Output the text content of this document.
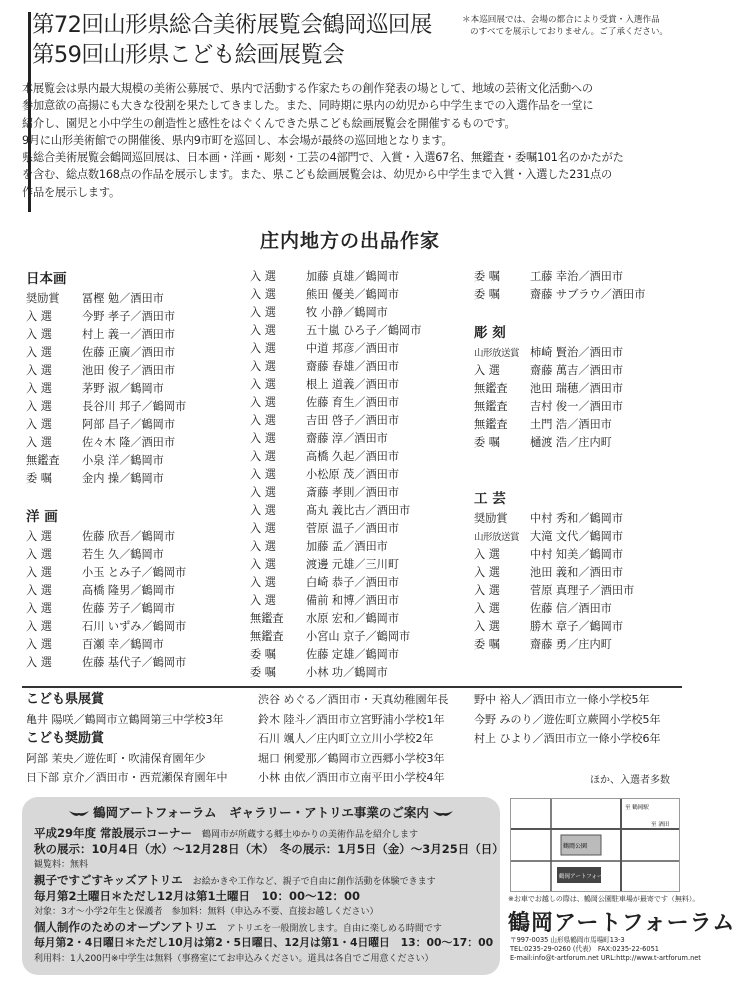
第72回山形県総合美術展覧会鶴岡巡回展
第59回山形県こども絵画展覧会
＊本巡回展では、会場の都合により受賞・入選作品
のすべてを展示しておりません。ご了承ください。

本展覧会は県内最大規模の美術公募展で、県内で活動する作家たちの創作発表の場として、地域の芸術文化活動への

参加意欲の高揚にも大きな役割を果たしてきました。また、同時期に県内の幼児から中学生までの入選作品を一堂に

紹介し、園児と小中学生の創造性と感性をはぐくんできた県こども絵画展覧会を開催するものです。

9月に山形美術館での開催後、県内9市町を巡回し、本会場が最終の巡回地となります。

県総合美術展覧会鶴岡巡回展は、日本画・洋画・彫刻・工芸の4部門で、入賞・入選67名、無鑑査・委嘱101名のかたがた

を含む、総点数168点の作品を展示します。また、県こども絵画展覧会は、幼児から中学生まで入賞・入選した231点の

作品を展示します。

庄内地方の出品作家
日本画
奨励賞 冨樫 勉／酒田市
入 選	今野 孝子／酒田市
入 選	村上 義一／酒田市
入 選	佐藤 正廣／酒田市
入 選	池田 俊子／酒田市
入 選	茅野 淑／鶴岡市
入 選	長谷川 邦子／鶴岡市
入 選	阿部 昌子／鶴岡市
入 選	佐々木 隆／酒田市
無鑑査 小泉 洋／鶴岡市
委 嘱	金内 操／鶴岡市
洋 画
入 選	佐藤 欣吾／鶴岡市
入 選	若生 久／鶴岡市
入 選	小玉 とみ子／鶴岡市
入 選	高橋 隆男／鶴岡市
入 選	佐藤 芳子／鶴岡市
入 選	石川 いずみ／鶴岡市
入 選	百瀬 幸／鶴岡市
入 選	佐藤 基代子／鶴岡市
入 選	加藤 貞雄／鶴岡市
入 選	熊田 優美／鶴岡市
入 選	牧 小静／鶴岡市
入 選	五十嵐 ひろ子／鶴岡市
入 選	中道 邦彦／酒田市
入 選	齋藤 春雄／酒田市
入 選	根上 道義／酒田市
入 選	佐藤 育生／酒田市
入 選	吉田 啓子／酒田市
入 選	齋藤 淳／酒田市
入 選	高橋 久起／酒田市
入 選	小松原 茂／酒田市
入 選	斎藤 孝則／酒田市
入 選	髙丸 義比古／酒田市
入 選	菅原 温子／酒田市
入 選	加藤 孟／酒田市
入 選	渡邊 元雄／三川町
入 選	白崎 恭子／酒田市
入 選	備前 和博／酒田市
無鑑査 水原 宏和／鶴岡市
無鑑査 小宮山 京子／鶴岡市
委 嘱	佐藤 定雄／鶴岡市
委 嘱	小林 功／鶴岡市
委 嘱	工藤 幸治／酒田市
委 嘱	齋藤 サブラウ／酒田市
彫 刻
山形放送賞 柿崎 賢治／酒田市
入 選	齋藤 萬吉／酒田市
無鑑査 池田 瑞穂／酒田市
無鑑査 吉村 俊一／酒田市
無鑑査 土門 浩／酒田市
委 嘱	樋渡 浩／庄内町
工 芸
奨励賞 中村 秀和／鶴岡市
山形放送賞 大滝 文代／鶴岡市
入 選	中村 知美／鶴岡市
入 選	池田 義和／酒田市
入 選	菅原 真理子／酒田市
入 選	佐藤 信／酒田市
入 選	勝木 章子／鶴岡市
委 嘱	齋藤 勇／庄内町
こども県展賞
亀井 陽咲／鶴岡市立鶴岡第三中学校3年
こども奨励賞
阿部 茉央／遊佐町・吹浦保育園年少
日下部 京介／酒田市・西荒瀬保育園年中
渋谷 めぐる／酒田市・天真幼稚園年長
鈴木 陸斗／酒田市立宮野浦小学校1年
石川 颯人／庄内町立立川小学校2年
堀口 俐愛那／鶴岡市立西郷小学校3年
小林 由依／酒田市立南平田小学校4年
野中 裕人／酒田市立一條小学校5年
今野 みのり／遊佐町立蕨岡小学校5年
村上 ひより／酒田市立一條小学校6年
ほか、入選者多数
鶴岡アートフォーラム　ギャラリー・アトリエ事業のご案内
平成29年度 常設展示コーナー　 鶴岡市が所蔵する郷土ゆかりの美術作品を紹介します
秋の展示：10月4日（水）～12月28日（木）　冬の展示：1月5日（金）～3月25日（日）
観覧料：無料
親子ですごすキッズアトリエ　 お絵かきや工作など、親子で自由に創作活動を体験できます
毎月第2土曜日＊ただし12月は第1土曜日　10：00～12：00
対象：3才～小学2年生と保護者　参加料：無料（申込み不要、直接お越しください）
個人制作のためのオープンアトリエ　 アトリエを一般開放します。自由に楽しめる時間です
毎月第2・4日曜日＊ただし10月は第2・5日曜日、12月は第1・4日曜日　13：00～17：00
利用料：1人200円※中学生は無料（事務室にてお申込みください。道具は各自でご用意ください）
鶴岡公園
鶴岡アートフォーラム
至 酒田
至 鶴岡駅
※お車でお越しの際は、鶴岡公園駐車場が最寄です（無料）。
鶴岡アートフォーラム
〒997-0035 山形県鶴岡市馬場町13-3
TEL:0235-29-0260 (代表)　FAX:0235-22-6051
E-mail:info@t-artforum.net URL:http://www.t-artforum.net
